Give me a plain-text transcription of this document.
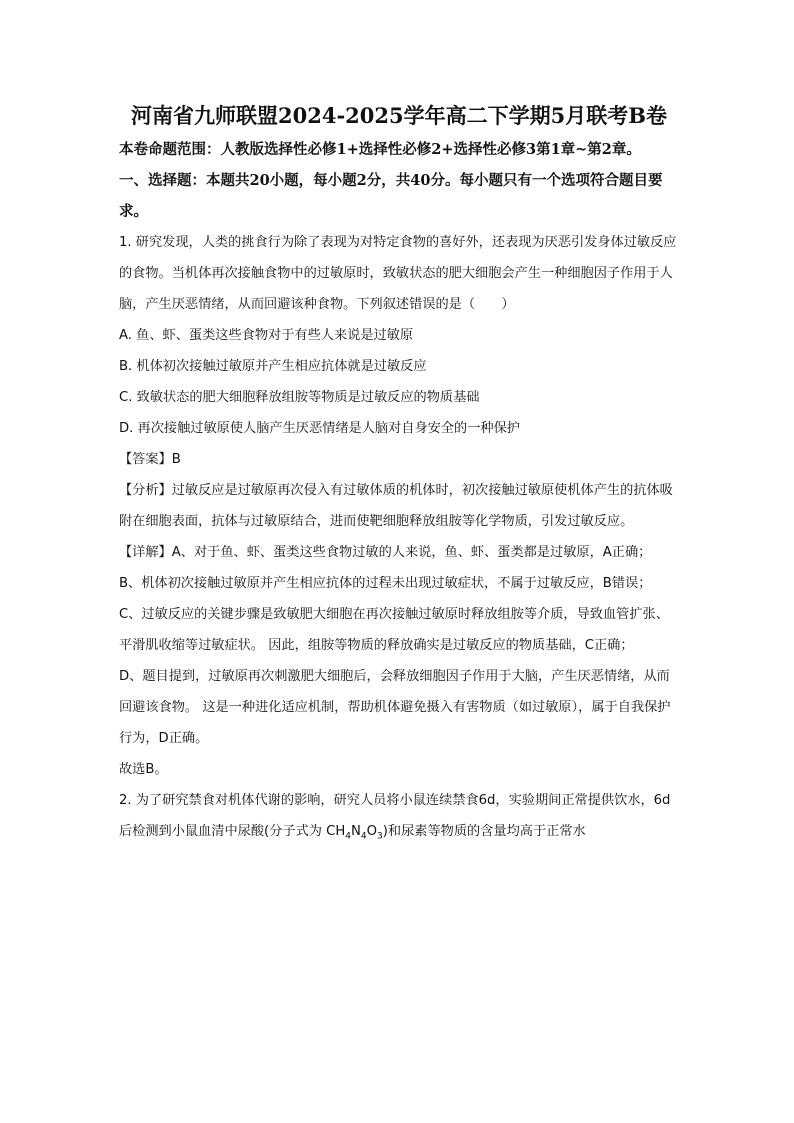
河南省九师联盟2024-2025学年高二下学期5月联考B卷

本卷命题范围：人教版选择性必修1+选择性必修2+选择性必修3第1章~第2章。

一、选择题：本题共20小题，每小题2分，共40分。每小题只有一个选项符合题目要求。

1. 研究发现，人类的挑食行为除了表现为对特定食物的喜好外，还表现为厌恶引发身体过敏反应的食物。当机体再次接触食物中的过敏原时，致敏状态的肥大细胞会产生一种细胞因子作用于人脑，产生厌恶情绪，从而回避该种食物。下列叙述错误的是（　　）

A. 鱼、虾、蛋类这些食物对于有些人来说是过敏原

B. 机体初次接触过敏原并产生相应抗体就是过敏反应

C. 致敏状态的肥大细胞释放组胺等物质是过敏反应的物质基础

D. 再次接触过敏原使人脑产生厌恶情绪是人脑对自身安全的一种保护

【答案】B

【分析】过敏反应是过敏原再次侵入有过敏体质的机体时，初次接触过敏原使机体产生的抗体吸附在细胞表面，抗体与过敏原结合，进而使靶细胞释放组胺等化学物质，引发过敏反应。

【详解】A、对于鱼、虾、蛋类这些食物过敏的人来说，鱼、虾、蛋类都是过敏原，A正确；

B、机体初次接触过敏原并产生相应抗体的过程未出现过敏症状，不属于过敏反应，B错误；

C、过敏反应的关键步骤是致敏肥大细胞在再次接触过敏原时释放组胺等介质，导致血管扩张、平滑肌收缩等过敏症状。 因此，组胺等物质的释放确实是过敏反应的物质基础，C正确；

D、题目提到，过敏原再次刺激肥大细胞后，会释放细胞因子作用于大脑，产生厌恶情绪，从而回避该食物。 这是一种进化适应机制，帮助机体避免摄入有害物质（如过敏原），属于自我保护行为，D正确。

故选B。

2. 为了研究禁食对机体代谢的影响，研究人员将小鼠连续禁食6d，实验期间正常提供饮水，6d后检测到小鼠血清中尿酸(分子式为 $CH_4N_4O_3$)和尿素等物质的含量均高于正常水
